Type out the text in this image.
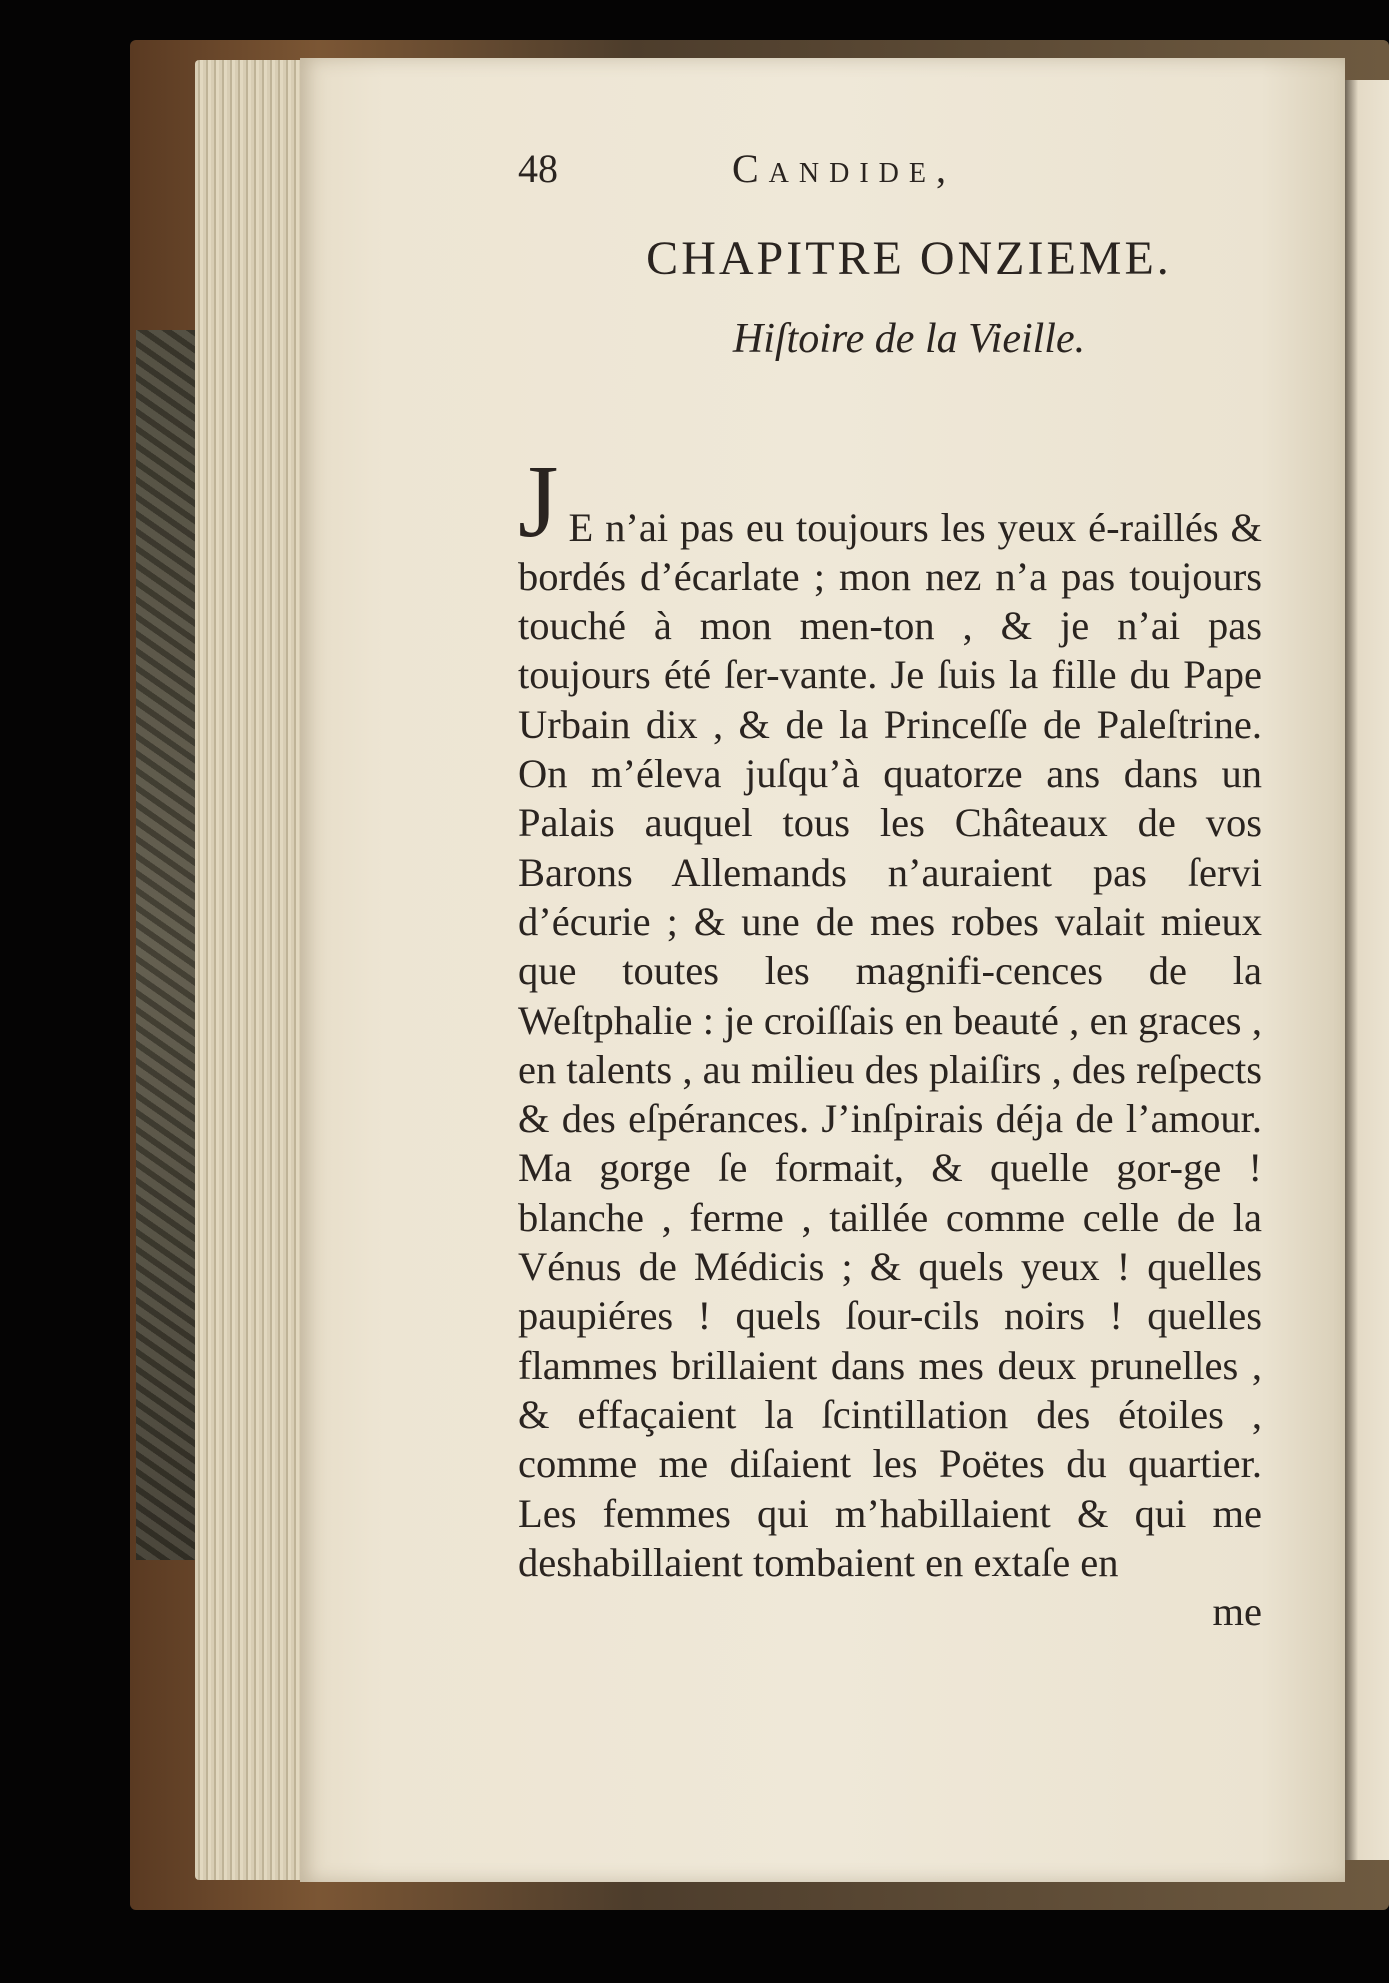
48	Candide,
CHAPITRE ONZIEME.
Hiſtoire de la Vieille.

J E n’ai pas eu toujours les yeux é-raillés & bordés d’écarlate ; mon nez n’a pas toujours touché à mon men-ton , & je n’ai pas toujours été ſer-vante. Je ſuis la fille du Pape Urbain dix , & de la Princeſſe de Paleſtrine. On m’éleva juſqu’à quatorze ans dans un Palais auquel tous les Châteaux de vos Barons Allemands n’auraient pas ſervi d’écurie ; & une de mes robes valait mieux que toutes les magnifi-cences de la Weſtphalie : je croiſſais en beauté , en graces , en talents , au milieu des plaiſirs , des reſpects & des eſpérances. J’inſpirais déja de l’amour. Ma gorge ſe formait, & quelle gor-ge ! blanche , ferme , taillée comme celle de la Vénus de Médicis ; & quels yeux ! quelles paupiéres ! quels ſour-cils noirs ! quelles flammes brillaient dans mes deux prunelles , & effaçaient la ſcintillation des étoiles , comme me diſaient les Poëtes du quartier. Les femmes qui m’habillaient & qui me deshabillaient tombaient en extaſe en

me
